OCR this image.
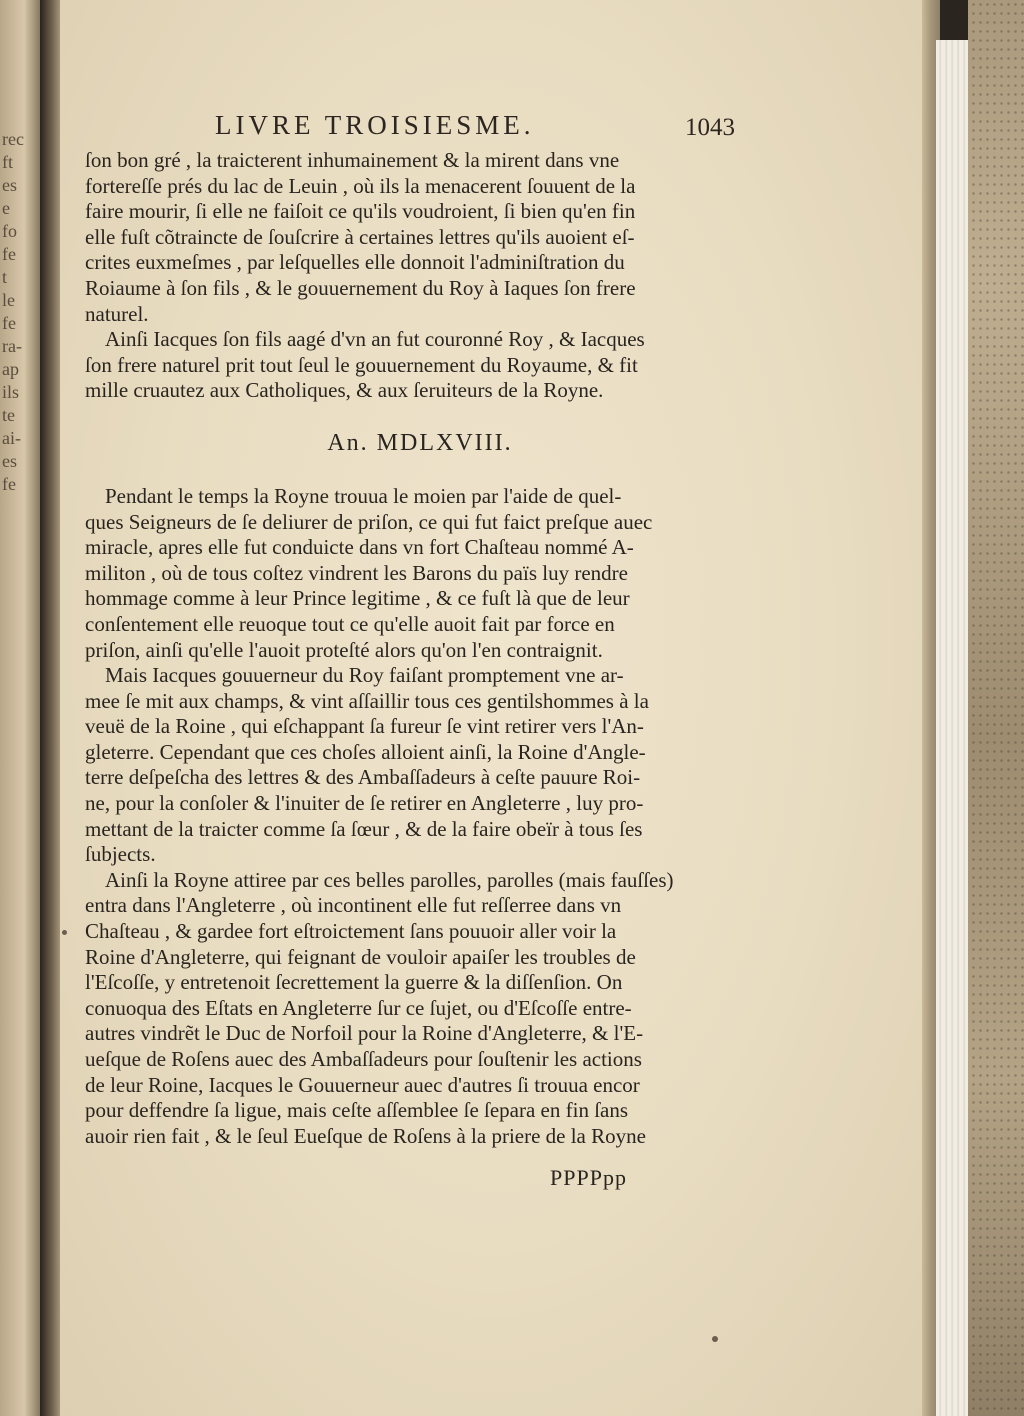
rec
ft
es
e
fo
fe
t
le
fe
ra-
ap
ils
te
ai-
es
fe
LIVRE TROISIESME.	1043
ſon bon gré , la traicterent inhumainement & la mirent dans vne
fortereſſe prés du lac de Leuin , où ils la menacerent ſouuent de la
faire mourir, ſi elle ne faiſoit ce qu'ils voudroient, ſi bien qu'en fin
elle fuſt cõtraincte de ſouſcrire à certaines lettres qu'ils auoient eſ-
crites euxmeſmes , par leſquelles elle donnoit l'adminiſtration du
Roiaume à ſon fils , & le gouuernement du Roy à Iaques ſon frere
naturel.
Ainſi Iacques ſon fils aagé d'vn an fut couronné Roy , & Iacques
ſon frere naturel prit tout ſeul le gouuernement du Royaume, & fit
mille cruautez aux Catholiques, & aux ſeruiteurs de la Royne.
An. MDLXVIII.
Pendant le temps la Royne trouua le moien par l'aide de quel-
ques Seigneurs de ſe deliurer de priſon, ce qui fut faict preſque auec
miracle, apres elle fut conduicte dans vn fort Chaſteau nommé A-
militon , où de tous coſtez vindrent les Barons du païs luy rendre
hommage comme à leur Prince legitime , & ce fuſt là que de leur
conſentement elle reuoque tout ce qu'elle auoit fait par force en
priſon, ainſi qu'elle l'auoit proteſté alors qu'on l'en contraignit.
Mais Iacques gouuerneur du Roy faiſant promptement vne ar-
mee ſe mit aux champs, & vint aſſaillir tous ces gentilshommes à la
veuë de la Roine , qui eſchappant ſa fureur ſe vint retirer vers l'An-
gleterre. Cependant que ces choſes alloient ainſi, la Roine d'Angle-
terre deſpeſcha des lettres & des Ambaſſadeurs à ceſte pauure Roi-
ne, pour la conſoler & l'inuiter de ſe retirer en Angleterre , luy pro-
mettant de la traicter comme ſa ſœur , & de la faire obeïr à tous ſes
ſubjects.
Ainſi la Royne attiree par ces belles parolles, parolles (mais fauſſes)
entra dans l'Angleterre , où incontinent elle fut reſſerree dans vn
Chaſteau , & gardee fort eſtroictement ſans pouuoir aller voir la
Roine d'Angleterre, qui feignant de vouloir apaiſer les troubles de
l'Eſcoſſe, y entretenoit ſecrettement la guerre & la diſſenſion. On
conuoqua des Eſtats en Angleterre ſur ce ſujet, ou d'Eſcoſſe entre-
autres vindrẽt le Duc de Norfoil pour la Roine d'Angleterre, & l'E-
ueſque de Roſens auec des Ambaſſadeurs pour ſouſtenir les actions
de leur Roine, Iacques le Gouuerneur auec d'autres ſi trouua encor
pour deffendre ſa ligue, mais ceſte aſſemblee ſe ſepara en fin ſans
auoir rien fait , & le ſeul Eueſque de Roſens à la priere de la Royne
PPPPpp
